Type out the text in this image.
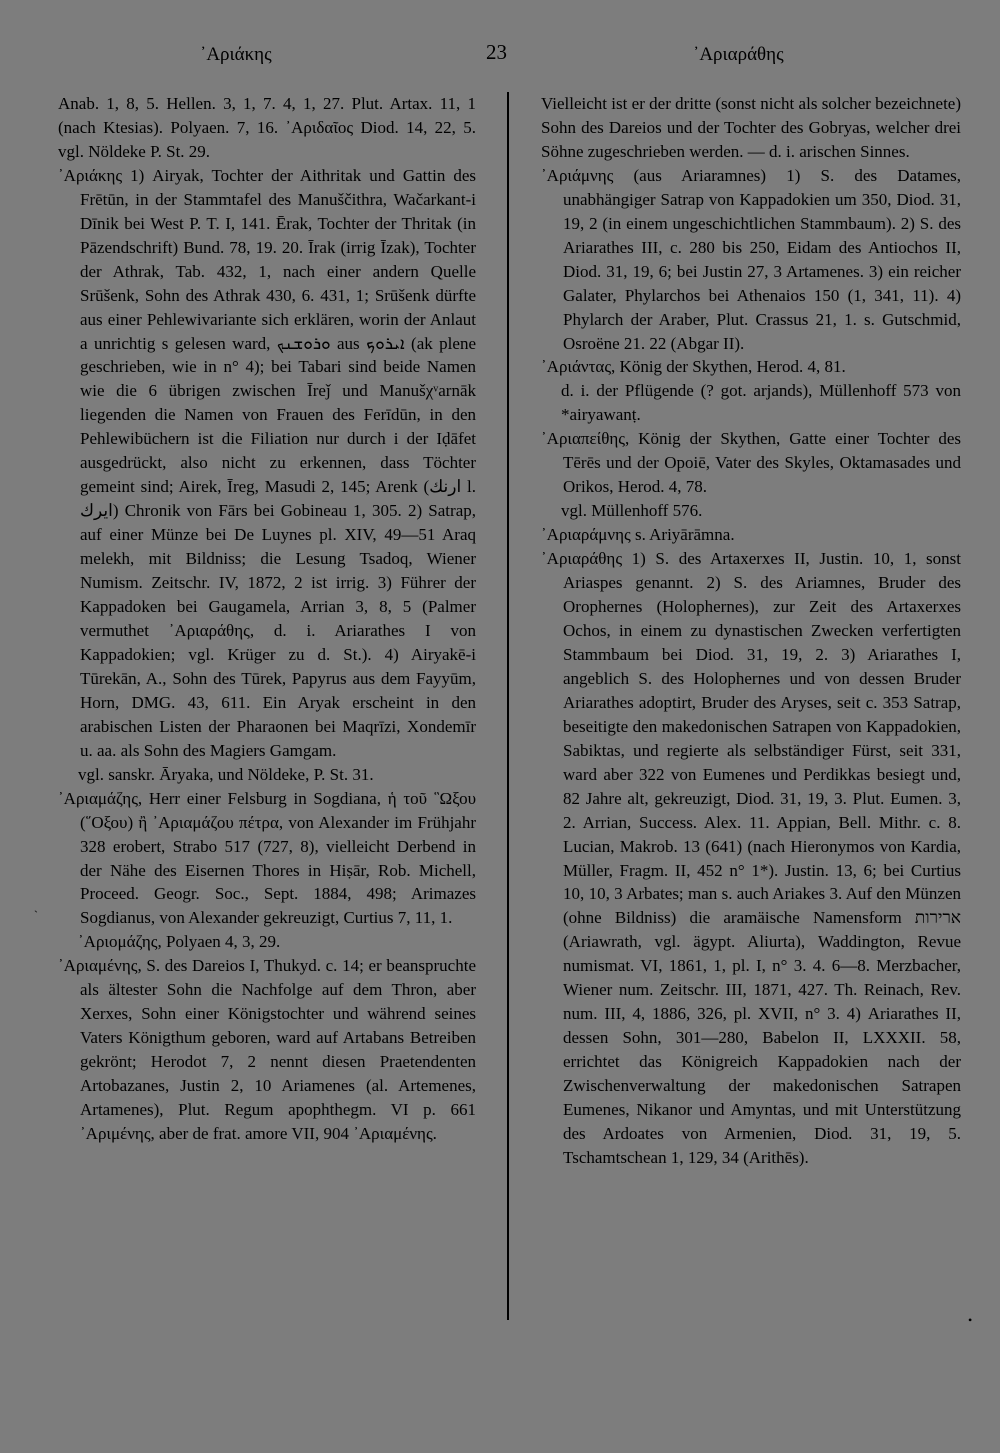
᾿Αριάκης	23	᾿Αριαράθης

Anab. 1, 8, 5. Hellen. 3, 1, 7. 4, 1, 27. Plut. Artax. 11, 1 (nach Ktesias). Polyaen. 7, 16. ᾿Αριδαῖος Diod. 14, 22, 5. vgl. Nöldeke P. St. 29.

᾿Αριάκης 1) Airyak, Tochter der Aithritak und Gattin des Frētūn, in der Stammtafel des Manuščithra, Wačarkant-i Dīnik bei West P. T. I, 141. Ērak, Tochter der Thritak (in Pāzendschrift) Bund. 78, 19. 20. Īrak (irrig Īzak), Tochter der Athrak, Tab. 432, 1, nach einer andern Quelle Srūšenk, Sohn des Athrak 430, 6. 431, 1; Srūšenk dürfte aus einer Pehlewivariante sich erklären, worin der Anlaut a unrichtig s gelesen ward, ܘܪܘܫܢܟ aus ܐܝܪܘܟ (ak plene geschrieben, wie in n° 4); bei Tabari sind beide Namen wie die 6 übrigen zwischen Īreǰ und Manušχᵛarnāk liegenden die Namen von Frauen des Ferīdūn, in den Pehlewibüchern ist die Filiation nur durch i der Iḍāfet ausgedrückt, also nicht zu erkennen, dass Töchter gemeint sind; Airek, Īreg, Masudi 2, 145; Arenk (ارنك l. ايرك) Chronik von Fārs bei Gobineau 1, 305. 2) Satrap, auf einer Münze bei De Luynes pl. XIV, 49—51 Araq melekh, mit Bildniss; die Lesung Tsadoq, Wiener Numism. Zeitschr. IV, 1872, 2 ist irrig. 3) Führer der Kappadoken bei Gaugamela, Arrian 3, 8, 5 (Palmer vermuthet ᾿Αριαράθης, d. i. Ariarathes I von Kappadokien; vgl. Krüger zu d. St.). 4) Airyakē-i Tūrekān, A., Sohn des Tūrek, Papyrus aus dem Fayyūm, Horn, DMG. 43, 611. Ein Aryak erscheint in den arabischen Listen der Pharaonen bei Maqrīzi, Xondemīr u. aa. als Sohn des Magiers Gamgam.

vgl. sanskr. Āryaka, und Nöldeke, P. St. 31.

᾿Αριαμάζης, Herr einer Felsburg in Sogdiana, ἡ τοῦ ῝Ωξου (῞Οξου) ἢ ᾿Αριαμάζου πέτρα, von Alexander im Frühjahr 328 erobert, Strabo 517 (727, 8), vielleicht Derbend in der Nähe des Eisernen Thores in Hiṣār, Rob. Michell, Proceed. Geogr. Soc., Sept. 1884, 498; Arimazes Sogdianus, von Alexander gekreuzigt, Curtius 7, 11, 1.

᾿Αριομάζης, Polyaen 4, 3, 29.

᾿Αριαμένης, S. des Dareios I, Thukyd. c. 14; er beanspruchte als ältester Sohn die Nachfolge auf dem Thron, aber Xerxes, Sohn einer Königstochter und während seines Vaters Königthum geboren, ward auf Artabans Betreiben gekrönt; Herodot 7, 2 nennt diesen Praetendenten Artobazanes, Justin 2, 10 Ariamenes (al. Artemenes, Artamenes), Plut. Regum apophthegm. VI p. 661 ᾿Αριμένης, aber de frat. amore VII, 904 ᾿Αριαμένης.

Vielleicht ist er der dritte (sonst nicht als solcher bezeichnete) Sohn des Dareios und der Tochter des Gobryas, welcher drei Söhne zugeschrieben werden. — d. i. arischen Sinnes.

᾿Αριάμνης (aus Ariaramnes) 1) S. des Datames, unabhängiger Satrap von Kappadokien um 350, Diod. 31, 19, 2 (in einem ungeschichtlichen Stammbaum). 2) S. des Ariarathes III, c. 280 bis 250, Eidam des Antiochos II, Diod. 31, 19, 6; bei Justin 27, 3 Artamenes. 3) ein reicher Galater, Phylarchos bei Athenaios 150 (1, 341, 11). 4) Phylarch der Araber, Plut. Crassus 21, 1. s. Gutschmid, Osroëne 21. 22 (Abgar II).

᾿Αριάντας, König der Skythen, Herod. 4, 81.

d. i. der Pflügende (? got. arjands), Müllenhoff 573 von *airyawanṭ.

᾿Αριαπείθης, König der Skythen, Gatte einer Tochter des Tērēs und der Opoiē, Vater des Skyles, Oktamasades und Orikos, Herod. 4, 78.

vgl. Müllenhoff 576.

᾿Αριαράμνης s. Ariyārāmna.

᾿Αριαράθης 1) S. des Artaxerxes II, Justin. 10, 1, sonst Ariaspes genannt. 2) S. des Ariamnes, Bruder des Orophernes (Holophernes), zur Zeit des Artaxerxes Ochos, in einem zu dynastischen Zwecken verfertigten Stammbaum bei Diod. 31, 19, 2. 3) Ariarathes I, angeblich S. des Holophernes und von dessen Bruder Ariarathes adoptirt, Bruder des Aryses, seit c. 353 Satrap, beseitigte den makedonischen Satrapen von Kappadokien, Sabiktas, und regierte als selbständiger Fürst, seit 331, ward aber 322 von Eumenes und Perdikkas besiegt und, 82 Jahre alt, gekreuzigt, Diod. 31, 19, 3. Plut. Eumen. 3, 2. Arrian, Success. Alex. 11. Appian, Bell. Mithr. c. 8. Lucian, Makrob. 13 (641) (nach Hieronymos von Kardia, Müller, Fragm. II, 452 n° 1*). Justin. 13, 6; bei Curtius 10, 10, 3 Arbates; man s. auch Ariakes 3. Auf den Münzen (ohne Bildniss) die aramäische Namensform ארירות (Ariawrath, vgl. ägypt. Aliurta), Waddington, Revue numismat. VI, 1861, 1, pl. I, n° 3. 4. 6—8. Merzbacher, Wiener num. Zeitschr. III, 1871, 427. Th. Reinach, Rev. num. III, 4, 1886, 326, pl. XVII, n° 3. 4) Ariarathes II, dessen Sohn, 301—280, Babelon II, LXXXII. 58, errichtet das Königreich Kappadokien nach der Zwischenverwaltung der makedonischen Satrapen Eumenes, Nikanor und Amyntas, und mit Unterstützung des Ardoates von Armenien, Diod. 31, 19, 5. Tschamtschean 1, 129, 34 (Arithēs).

`
•
